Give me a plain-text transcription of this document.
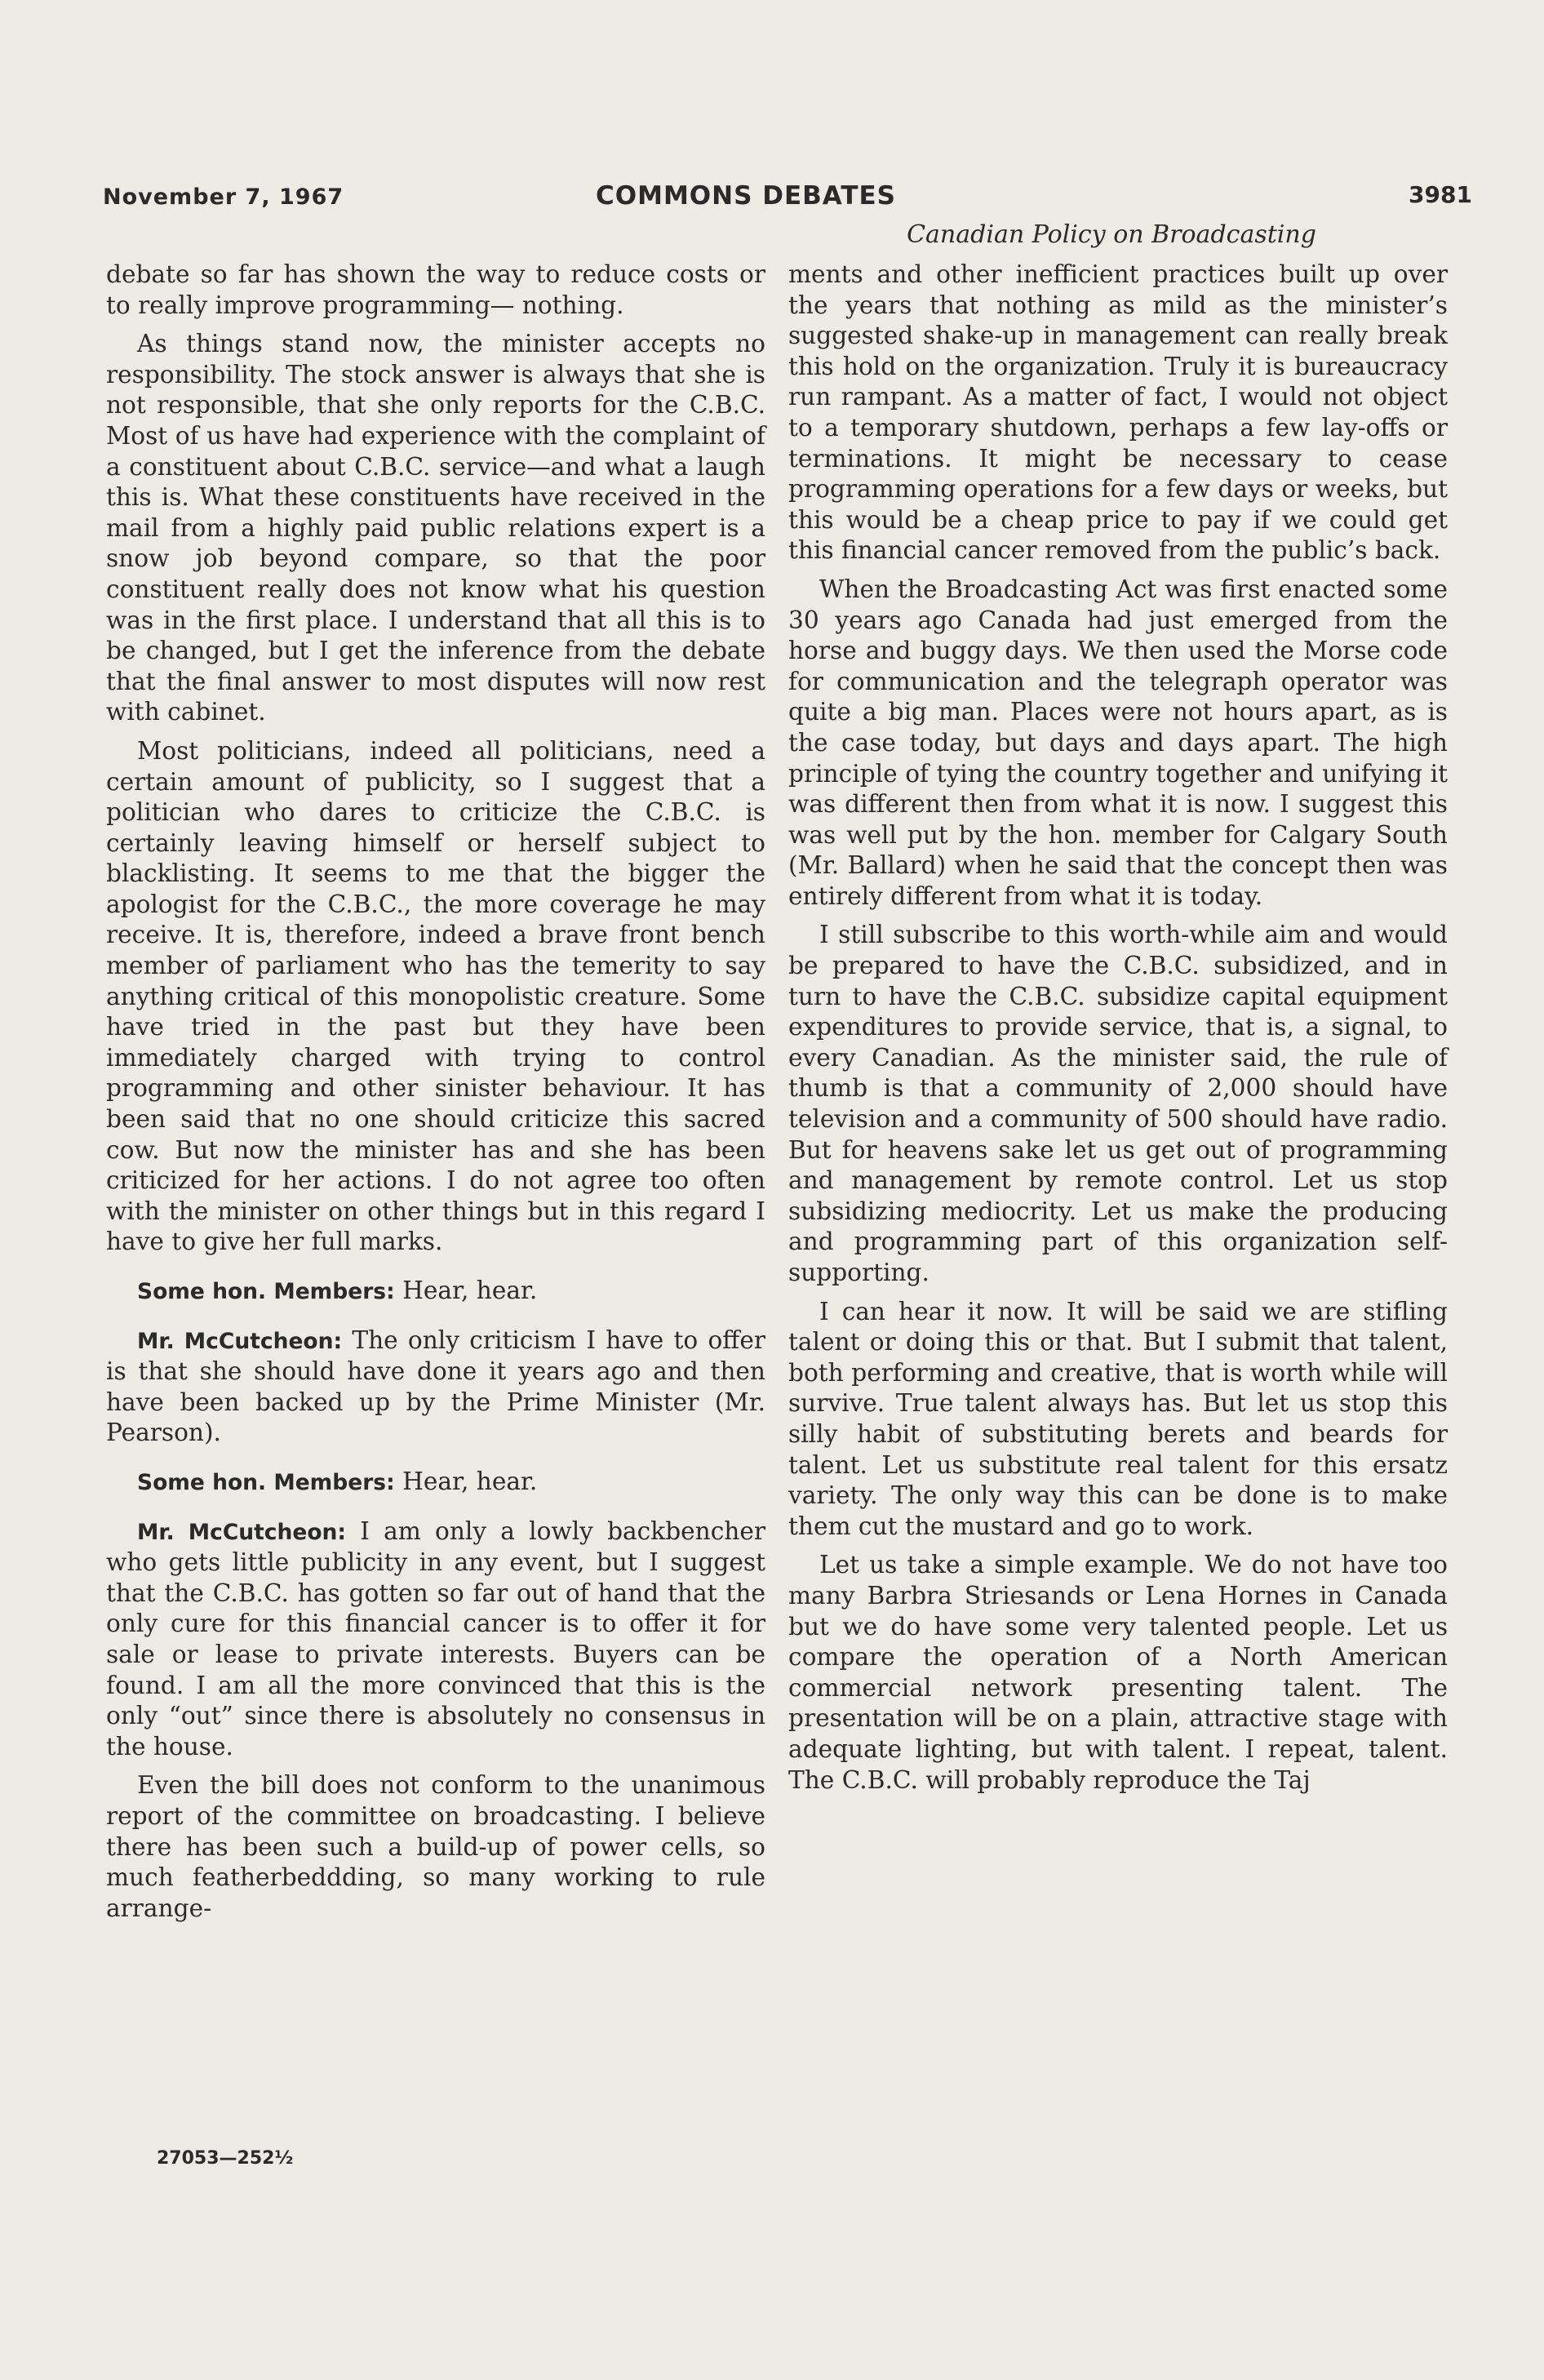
November 7, 1967	COMMONS DEBATES	3981
Canadian Policy on Broadcasting

debate so far has shown the way to reduce costs or to really improve programming— nothing.

As things stand now, the minister accepts no responsibility. The stock answer is always that she is not responsible, that she only reports for the C.B.C. Most of us have had experience with the complaint of a constituent about C.B.C. service—and what a laugh this is. What these constituents have received in the mail from a highly paid public relations expert is a snow job beyond compare, so that the poor constituent really does not know what his question was in the first place. I understand that all this is to be changed, but I get the inference from the debate that the final answer to most disputes will now rest with cabinet.

Most politicians, indeed all politicians, need a certain amount of publicity, so I suggest that a politician who dares to criticize the C.B.C. is certainly leaving himself or herself subject to blacklisting. It seems to me that the bigger the apologist for the C.B.C., the more coverage he may receive. It is, therefore, indeed a brave front bench member of parliament who has the temerity to say anything critical of this monopolistic creature. Some have tried in the past but they have been immediately charged with trying to control programming and other sinister behaviour. It has been said that no one should criticize this sacred cow. But now the minister has and she has been criticized for her actions. I do not agree too often with the minister on other things but in this regard I have to give her full marks.

Some hon. Members: Hear, hear.

Mr. McCutcheon: The only criticism I have to offer is that she should have done it years ago and then have been backed up by the Prime Minister (Mr. Pearson).

Some hon. Members: Hear, hear.

Mr. McCutcheon: I am only a lowly backbencher who gets little publicity in any event, but I suggest that the C.B.C. has gotten so far out of hand that the only cure for this financial cancer is to offer it for sale or lease to private interests. Buyers can be found. I am all the more convinced that this is the only “out” since there is absolutely no consensus in the house.

Even the bill does not conform to the unanimous report of the committee on broadcasting. I believe there has been such a build-up of power cells, so much featherbeddding, so many working to rule arrange-

ments and other inefficient practices built up over the years that nothing as mild as the minister’s suggested shake-up in management can really break this hold on the organization. Truly it is bureaucracy run rampant. As a matter of fact, I would not object to a temporary shutdown, perhaps a few lay-offs or terminations. It might be necessary to cease programming operations for a few days or weeks, but this would be a cheap price to pay if we could get this financial cancer removed from the public’s back.

When the Broadcasting Act was first enacted some 30 years ago Canada had just emerged from the horse and buggy days. We then used the Morse code for communication and the telegraph operator was quite a big man. Places were not hours apart, as is the case today, but days and days apart. The high principle of tying the country together and unifying it was different then from what it is now. I suggest this was well put by the hon. member for Calgary South (Mr. Ballard) when he said that the concept then was entirely different from what it is today.

I still subscribe to this worth-while aim and would be prepared to have the C.B.C. subsidized, and in turn to have the C.B.C. subsidize capital equipment expenditures to provide service, that is, a signal, to every Canadian. As the minister said, the rule of thumb is that a community of 2,000 should have television and a community of 500 should have radio. But for heavens sake let us get out of programming and management by remote control. Let us stop subsidizing mediocrity. Let us make the producing and programming part of this organization self-supporting.

I can hear it now. It will be said we are stifling talent or doing this or that. But I submit that talent, both performing and creative, that is worth while will survive. True talent always has. But let us stop this silly habit of substituting berets and beards for talent. Let us substitute real talent for this ersatz variety. The only way this can be done is to make them cut the mustard and go to work.

Let us take a simple example. We do not have too many Barbra Striesands or Lena Hornes in Canada but we do have some very talented people. Let us compare the operation of a North American commercial network presenting talent. The presentation will be on a plain, attractive stage with adequate lighting, but with talent. I repeat, talent. The C.B.C. will probably reproduce the Taj

27053—252½
